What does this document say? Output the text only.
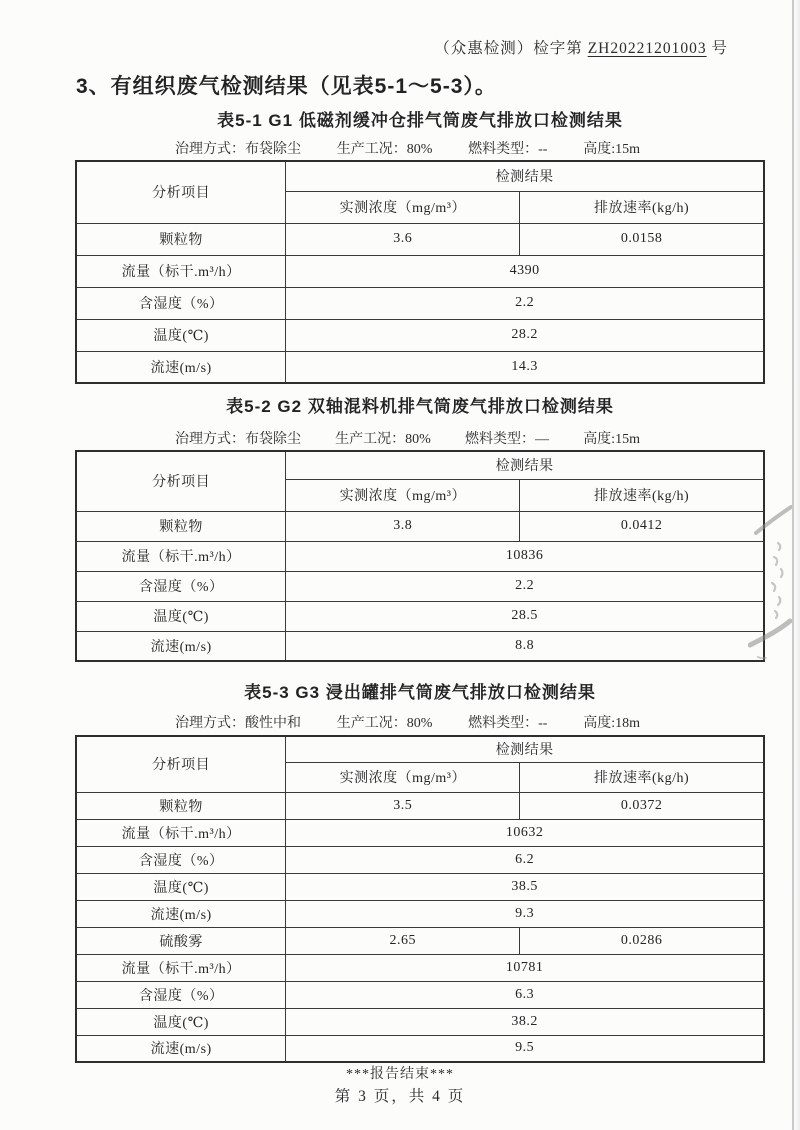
（众惠检测）检字第 ZH20221201003 号
3、有组织废气检测结果（见表5-1～5-3）。
表5-1 G1 低磁剂缓冲仓排气筒废气排放口检测结果
治理方式：布袋除尘	生产工况：80%	燃料类型：--	高度:15m
分析项目	检测结果	
	实测浓度（mg/m³）	排放速率(kg/h)
颗粒物	3.6	0.0158
流量（标干.m³/h）	4390	
含湿度（%）	2.2	
温度(℃)	28.2	
流速(m/s)	14.3	
表5-2 G2 双轴混料机排气筒废气排放口检测结果
治理方式：布袋除尘 生产工况：80% 燃料类型：— 高度:15m
分析项目	检测结果	
	实测浓度（mg/m³）	排放速率(kg/h)
颗粒物	3.8	0.0412
流量（标干.m³/h）	10836	
含湿度（%）	2.2	
温度(℃)	28.5	
流速(m/s)	8.8	
表5-3 G3 浸出罐排气筒废气排放口检测结果
治理方式：酸性中和	生产工况：80%	燃料类型：--	高度:18m
分析项目	检测结果	
	实测浓度（mg/m³）	排放速率(kg/h)
颗粒物	3.5	0.0372
流量（标干.m³/h）	10632	
含湿度（%）	6.2	
温度(℃)	38.5	
流速(m/s)	9.3	
硫酸雾	2.65	0.0286
流量（标干.m³/h）	10781	
含湿度（%）	6.3	
温度(℃)	38.2	
流速(m/s)	9.5	
***报告结束***
第 3 页，共 4 页
